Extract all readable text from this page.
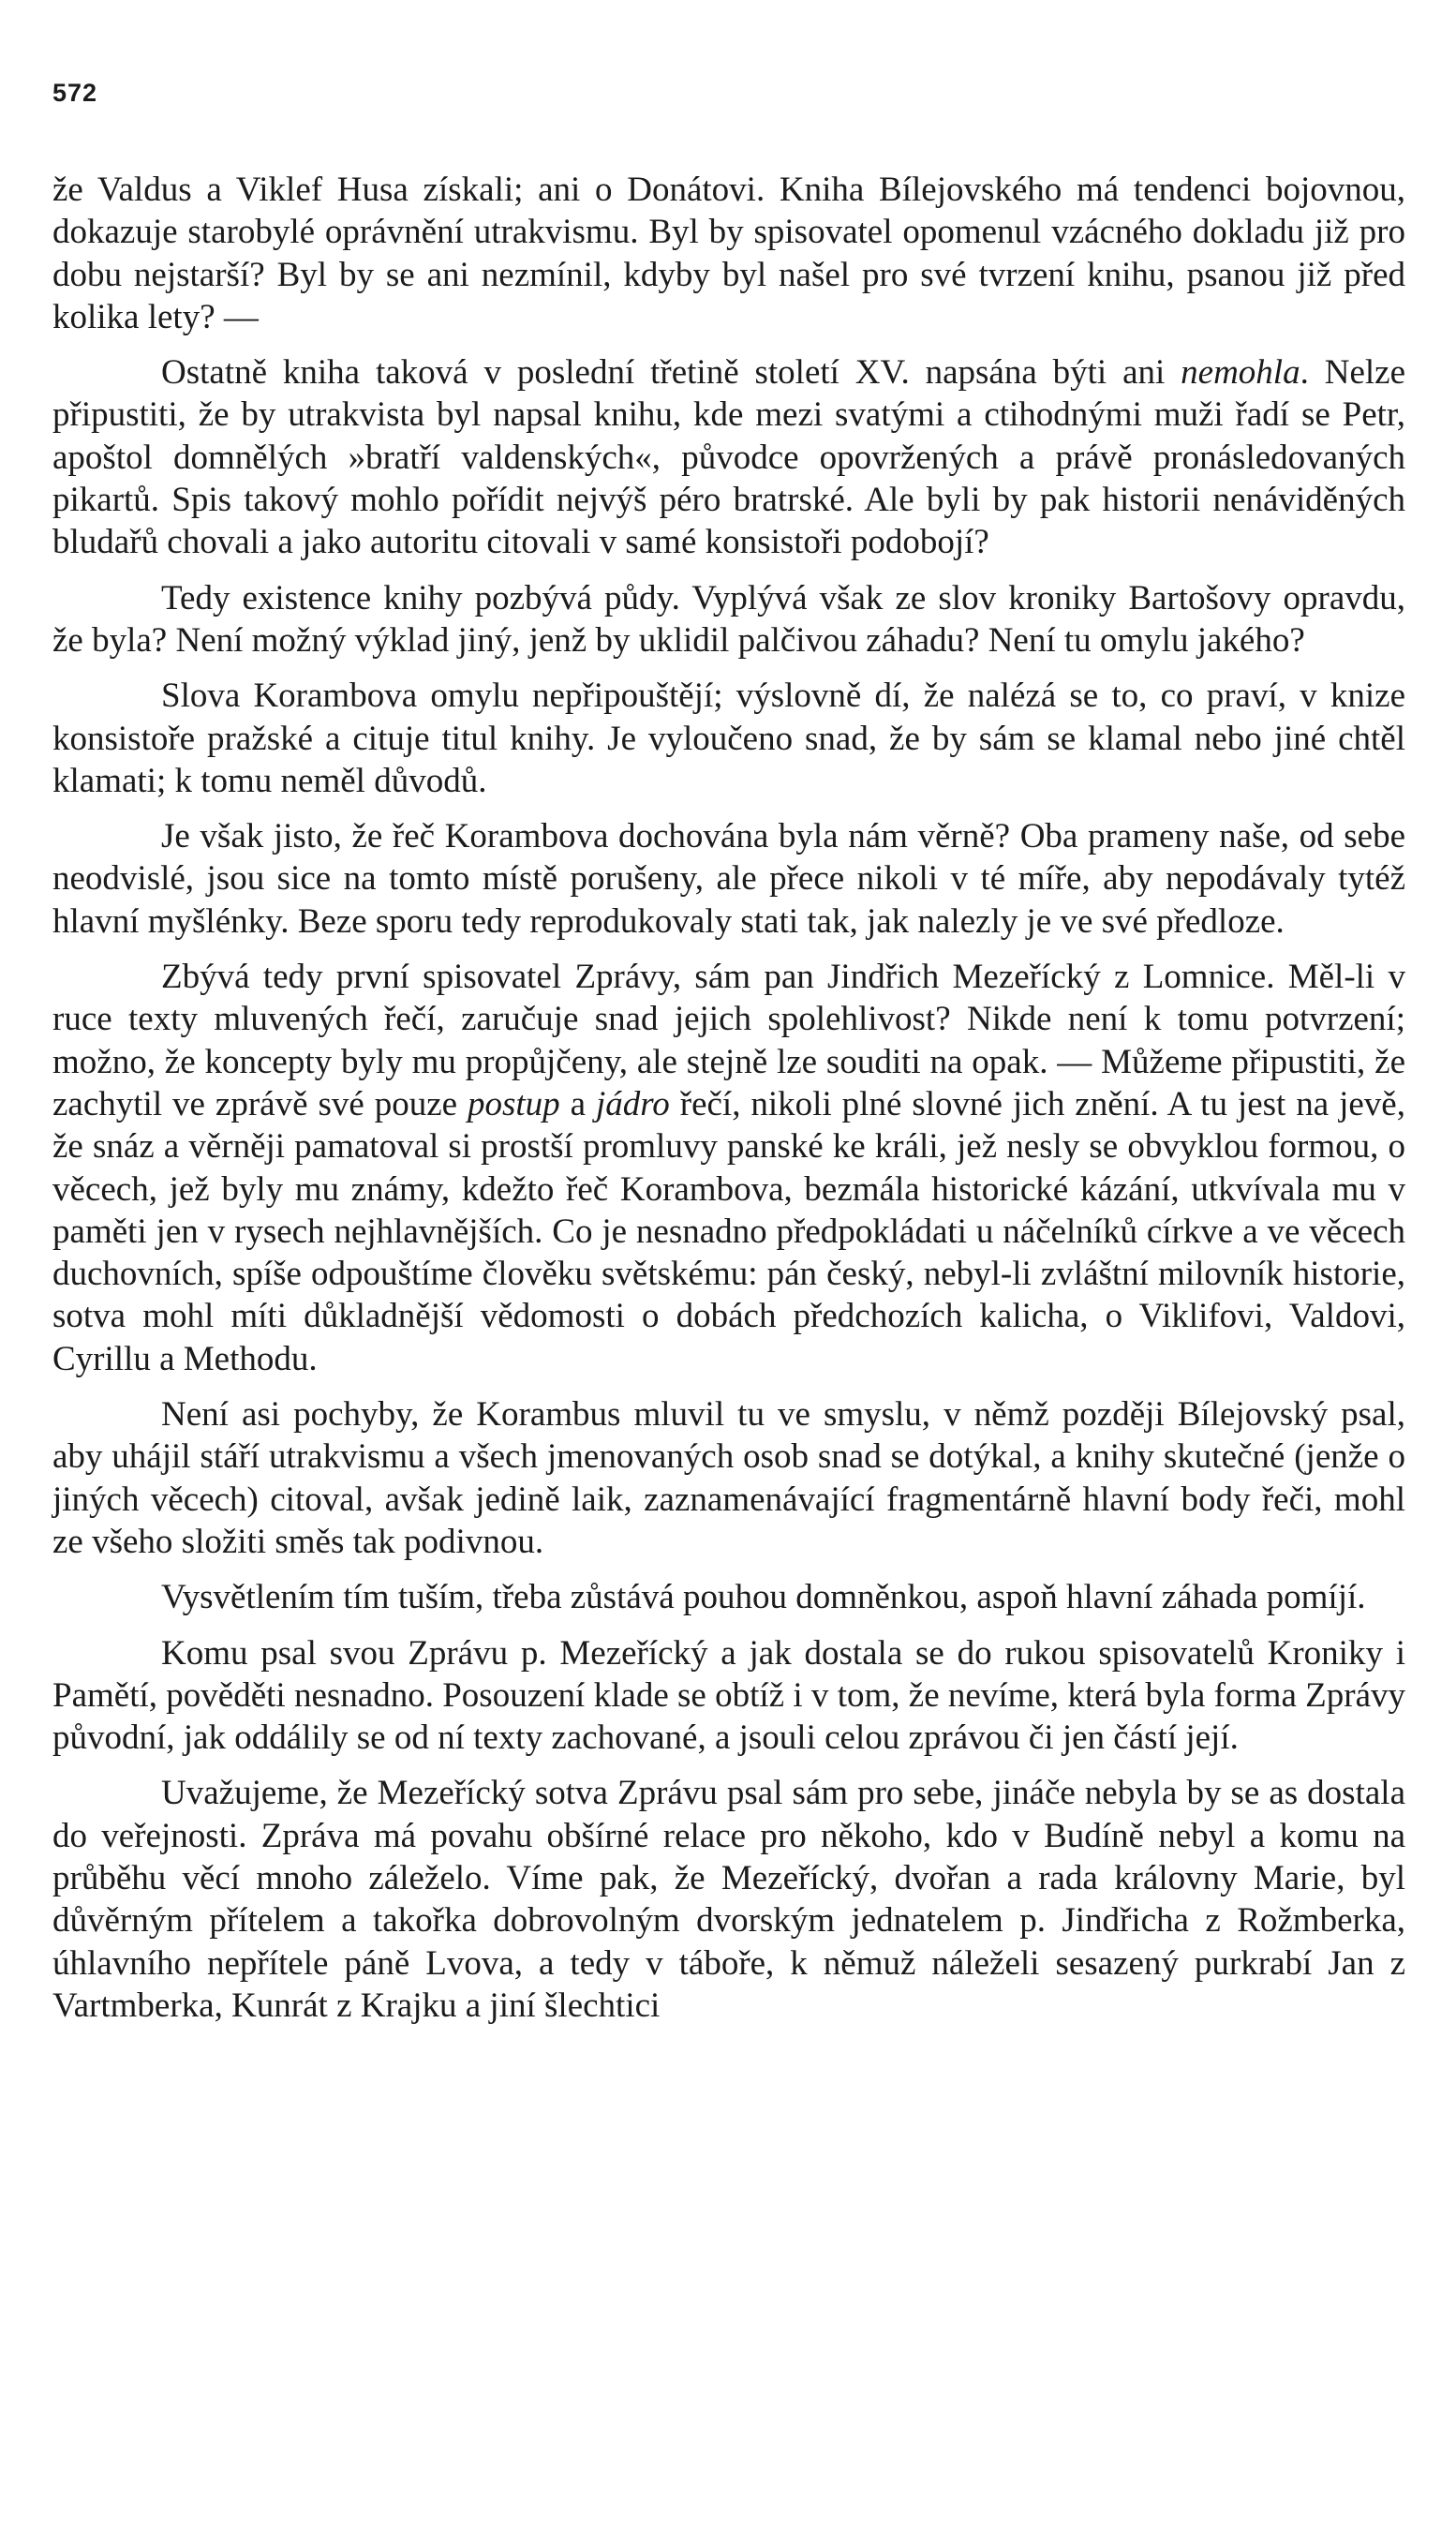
572

že Valdus a Viklef Husa získali; ani o Donátovi. Kniha Bílejovského má tendenci bojovnou, dokazuje starobylé oprávnění utrakvismu. Byl by spisovatel opomenul vzácného dokladu již pro dobu nejstarší? Byl by se ani nezmínil, kdyby byl našel pro své tvrzení knihu, psanou již před kolika lety? —

Ostatně kniha taková v poslední třetině století XV. napsána býti ani nemohla. Nelze připustiti, že by utrakvista byl napsal knihu, kde mezi svatými a ctihodnými muži řadí se Petr, apoštol domnělých »bratří valdenských«, původce opovržených a právě pronásledovaných pikartů. Spis takový mohlo pořídit nejvýš péro bratrské. Ale byli by pak historii nenáviděných bludařů chovali a jako autoritu citovali v samé konsistoři podobojí?

Tedy existence knihy pozbývá půdy. Vyplývá však ze slov kroniky Bartošovy opravdu, že byla? Není možný výklad jiný, jenž by uklidil palčivou záhadu? Není tu omylu jakého?

Slova Korambova omylu nepřipouštějí; výslovně dí, že nalézá se to, co praví, v knize konsistoře pražské a cituje titul knihy. Je vyloučeno snad, že by sám se klamal nebo jiné chtěl klamati; k tomu neměl důvodů.

Je však jisto, že řeč Korambova dochována byla nám věrně? Oba prameny naše, od sebe neodvislé, jsou sice na tomto místě porušeny, ale přece nikoli v té míře, aby nepodávaly tytéž hlavní myšlénky. Beze sporu tedy reprodukovaly stati tak, jak nalezly je ve své předloze.

Zbývá tedy první spisovatel Zprávy, sám pan Jindřich Mezeřícký z Lomnice. Měl-li v ruce texty mluvených řečí, zaručuje snad jejich spolehlivost? Nikde není k tomu potvrzení; možno, že koncepty byly mu propůjčeny, ale stejně lze souditi na opak. — Můžeme připustiti, že zachytil ve zprávě své pouze postup a jádro řečí, nikoli plné slovné jich znění. A tu jest na jevě, že snáz a věrněji pamatoval si prostší promluvy panské ke králi, jež nesly se obvyklou formou, o věcech, jež byly mu známy, kdežto řeč Korambova, bezmála historické kázání, utkvívala mu v paměti jen v rysech nejhlavnějších. Co je nesnadno předpokládati u náčelníků církve a ve věcech duchovních, spíše odpouštíme člověku světskému: pán český, nebyl-li zvláštní milovník historie, sotva mohl míti důkladnější vědomosti o dobách předchozích kalicha, o Viklifovi, Valdovi, Cyrillu a Methodu.

Není asi pochyby, že Korambus mluvil tu ve smyslu, v němž později Bílejovský psal, aby uhájil stáří utrakvismu a všech jmenovaných osob snad se dotýkal, a knihy skutečné (jenže o jiných věcech) citoval, avšak jedině laik, zaznamenávající fragmentárně hlavní body řeči, mohl ze všeho složiti směs tak podivnou.

Vysvětlením tím tuším, třeba zůstává pouhou domněnkou, aspoň hlavní záhada pomíjí.

Komu psal svou Zprávu p. Mezeřícký a jak dostala se do rukou spisovatelů Kroniky i Pamětí, pověděti nesnadno. Posouzení klade se obtíž i v tom, že nevíme, která byla forma Zprávy původní, jak oddálily se od ní texty zachované, a jsouli celou zprávou či jen částí její.

Uvažujeme, že Mezeřícký sotva Zprávu psal sám pro sebe, jináče nebyla by se as dostala do veřejnosti. Zpráva má povahu obšírné relace pro někoho, kdo v Budíně nebyl a komu na průběhu věcí mnoho záleželo. Víme pak, že Mezeřícký, dvořan a rada královny Marie, byl důvěrným přítelem a takořka dobrovolným dvorským jednatelem p. Jindřicha z Rožmberka, úhlavního nepřítele páně Lvova, a tedy v táboře, k němuž náleželi sesazený purkrabí Jan z Vartmberka, Kunrát z Krajku a jiní šlechtici
